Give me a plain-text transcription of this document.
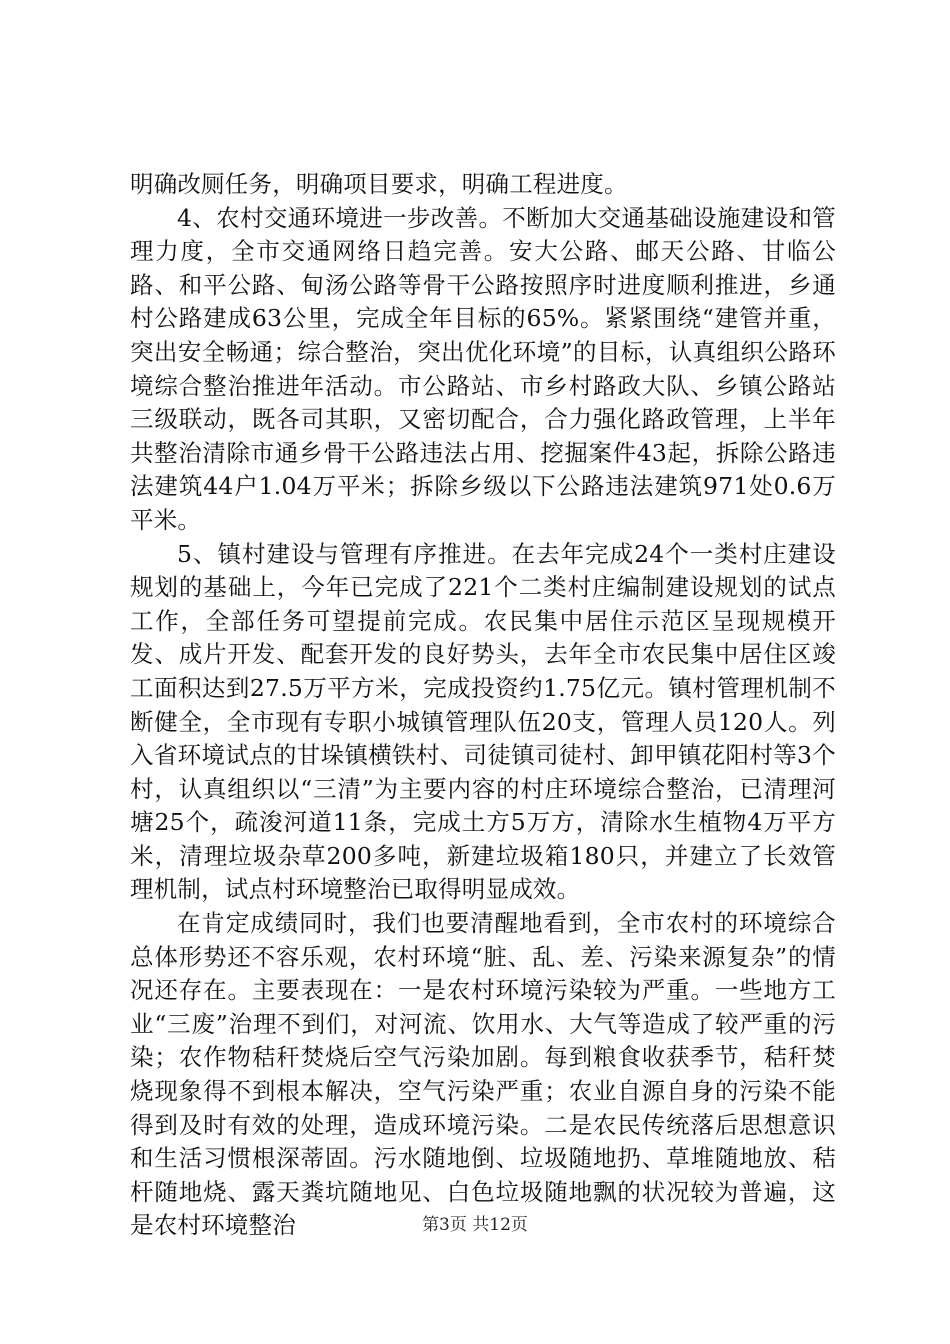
明确改厕任务，明确项目要求，明确工程进度。

4、农村交通环境进一步改善。不断加大交通基础设施建设和管理力度，全市交通网络日趋完善。安大公路、邮天公路、甘临公路、和平公路、甸汤公路等骨干公路按照序时进度顺利推进，乡通村公路建成63公里，完成全年目标的65%。紧紧围绕“建管并重，突出安全畅通；综合整治，突出优化环境”的目标，认真组织公路环境综合整治推进年活动。市公路站、市乡村路政大队、乡镇公路站三级联动，既各司其职，又密切配合，合力强化路政管理，上半年共整治清除市通乡骨干公路违法占用、挖掘案件43起，拆除公路违法建筑44户1.04万平米；拆除乡级以下公路违法建筑971处0.6万平米。

5、镇村建设与管理有序推进。在去年完成24个一类村庄建设规划的基础上，今年已完成了221个二类村庄编制建设规划的试点工作，全部任务可望提前完成。农民集中居住示范区呈现规模开发、成片开发、配套开发的良好势头，去年全市农民集中居住区竣工面积达到27.5万平方米，完成投资约1.75亿元。镇村管理机制不断健全，全市现有专职小城镇管理队伍20支，管理人员120人。列入省环境试点的甘垛镇横铁村、司徒镇司徒村、卸甲镇花阳村等3个村，认真组织以“三清”为主要内容的村庄环境综合整治，已清理河塘25个，疏浚河道11条，完成土方5万方，清除水生植物4万平方米，清理垃圾杂草200多吨，新建垃圾箱180只，并建立了长效管理机制，试点村环境整治已取得明显成效。

在肯定成绩同时，我们也要清醒地看到，全市农村的环境综合总体形势还不容乐观，农村环境“脏、乱、差、污染来源复杂”的情况还存在。主要表现在：一是农村环境污染较为严重。一些地方工业“三废”治理不到们，对河流、饮用水、大气等造成了较严重的污染；农作物秸秆焚烧后空气污染加剧。每到粮食收获季节，秸秆焚烧现象得不到根本解决，空气污染严重；农业自源自身的污染不能得到及时有效的处理，造成环境污染。二是农民传统落后思想意识和生活习惯根深蒂固。污水随地倒、垃圾随地扔、草堆随地放、秸杆随地烧、露天粪坑随地见、白色垃圾随地飘的状况较为普遍，这是农村环境整治	第3页 共12页
